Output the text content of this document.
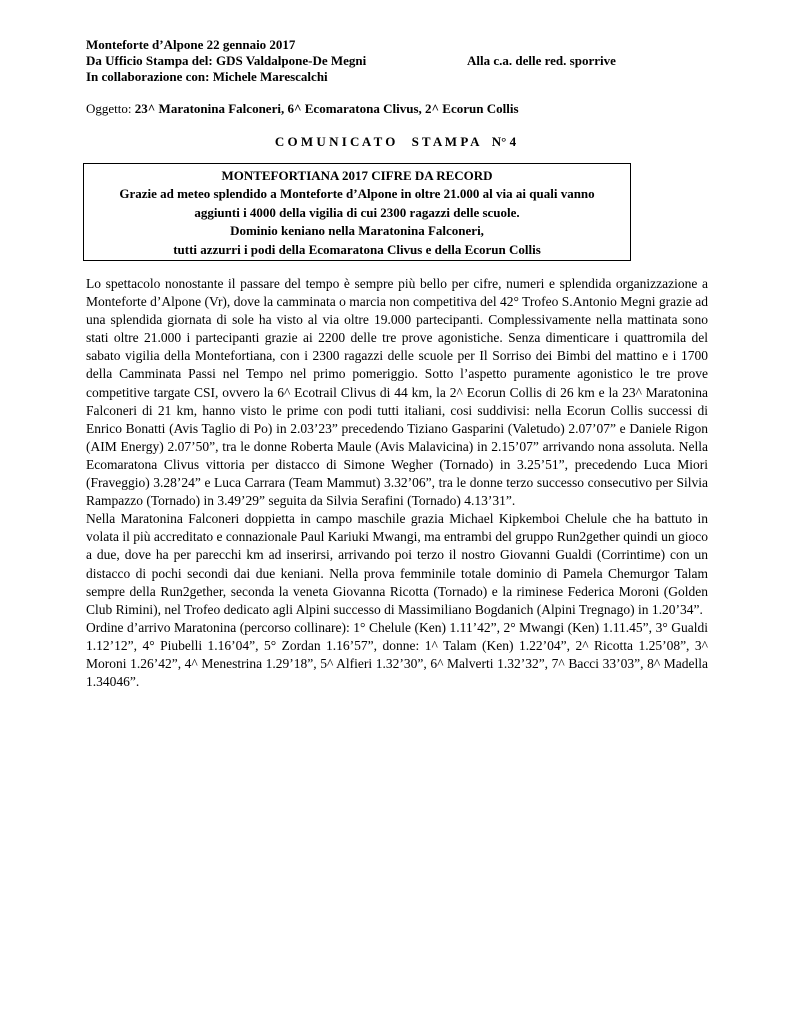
Monteforte d’Alpone 22 gennaio 2017
Da Ufficio Stampa del: GDS Valdalpone-De Megni	Alla c.a. delle red. sporrive
In collaborazione con: Michele Marescalchi
Oggetto: 23^ Maratonina Falconeri, 6^ Ecomaratona Clivus, 2^ Ecorun Collis
C O M U N I C A T O     S T A M P A    N° 4
MONTEFORTIANA 2017 CIFRE DA RECORD
Grazie ad meteo splendido a Monteforte d’Alpone in oltre 21.000 al via ai quali vanno
aggiunti i 4000 della vigilia di cui 2300 ragazzi delle scuole.
Dominio keniano nella Maratonina Falconeri,
tutti azzurri i podi della Ecomaratona Clivus e della Ecorun Collis

Lo spettacolo nonostante il passare del tempo è sempre più bello per cifre, numeri e splendida organizzazione a Monteforte d’Alpone (Vr), dove la camminata o marcia non competitiva del 42° Trofeo S.Antonio Megni grazie ad una splendida giornata di sole ha visto al via oltre 19.000 partecipanti. Complessivamente nella mattinata sono stati oltre 21.000 i partecipanti grazie ai 2200 delle tre prove agonistiche. Senza dimenticare i quattromila del sabato vigilia della Montefortiana, con i 2300 ragazzi delle scuole per Il Sorriso dei Bimbi del mattino e i 1700 della Camminata Passi nel Tempo nel primo pomeriggio. Sotto l’aspetto puramente agonistico le tre prove competitive targate CSI, ovvero la 6^ Ecotrail Clivus di 44 km, la 2^ Ecorun Collis di 26 km e la 23^ Maratonina Falconeri di 21 km, hanno visto le prime con podi tutti italiani, cosi suddivisi: nella Ecorun Collis successi di Enrico Bonatti (Avis Taglio di Po) in 2.03’23” precedendo Tiziano Gasparini (Valetudo) 2.07’07” e Daniele Rigon (AIM Energy) 2.07’50”, tra le donne Roberta Maule (Avis Malavicina) in 2.15’07” arrivando nona assoluta. Nella Ecomaratona Clivus vittoria per distacco di Simone Wegher (Tornado) in 3.25’51”, precedendo Luca Miori (Fraveggio) 3.28’24” e Luca Carrara (Team Mammut) 3.32’06”, tra le donne terzo successo consecutivo per Silvia Rampazzo (Tornado) in 3.49’29” seguita da Silvia Serafini (Tornado) 4.13’31”.

Nella Maratonina Falconeri doppietta in campo maschile grazia Michael Kipkemboi Chelule che ha battuto in volata il più accreditato e connazionale Paul Kariuki Mwangi, ma entrambi del gruppo Run2gether quindi un gioco a due, dove ha per parecchi km ad inserirsi, arrivando poi terzo il nostro Giovanni Gualdi (Corrintime) con un distacco di pochi secondi dai due keniani. Nella prova femminile totale dominio di Pamela Chemurgor Talam sempre della Run2gether, seconda la veneta Giovanna Ricotta (Tornado) e la riminese Federica Moroni (Golden Club Rimini), nel Trofeo dedicato agli Alpini successo di Massimiliano Bogdanich (Alpini Tregnago) in 1.20’34”.

Ordine d’arrivo Maratonina (percorso collinare): 1° Chelule (Ken) 1.11’42”, 2° Mwangi (Ken) 1.11.45”, 3° Gualdi 1.12’12”, 4° Piubelli 1.16’04”, 5° Zordan 1.16’57”, donne: 1^ Talam (Ken) 1.22’04”, 2^ Ricotta 1.25’08”, 3^ Moroni 1.26’42”, 4^ Menestrina 1.29’18”, 5^ Alfieri 1.32’30”, 6^ Malverti 1.32’32”, 7^ Bacci 33’03”, 8^ Madella 1.34046”.
